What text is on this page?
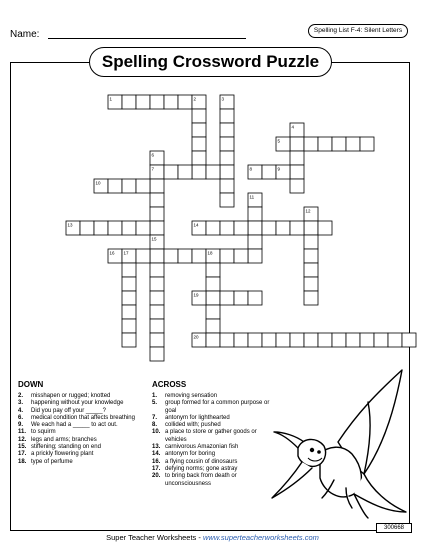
Name:	Spelling List F-4: Silent Letters
Spelling Crossword Puzzle
1	2	3
4
5
6
7	8	9
10
11
12
13	14
15
16 17	18
19
20
DOWN
2.	misshapen or rugged; knotted
3.	happening without your knowledge
4.	Did you pay off your _____?
6.	medical condition that affects breathing
9.	We each had a _____ to act out.
11. to squirm
12. legs and arms; branches
15. stiffening; standing on end
17. a prickly flowering plant
18. type of perfume
ACROSS
1.	removing sensation
5.	group formed for a common purpose or goal
7.	antonym for lighthearted
8.	collided with; pushed
10. a place to store or gather goods or vehicles
13. carnivorous Amazonian fish
14. antonym for boring
16. a flying cousin of dinosaurs
17. defying norms; gone astray
20. to bring back from death or unconsciousness
Super Teacher Worksheets - www.superteacherworksheets.com
300668
